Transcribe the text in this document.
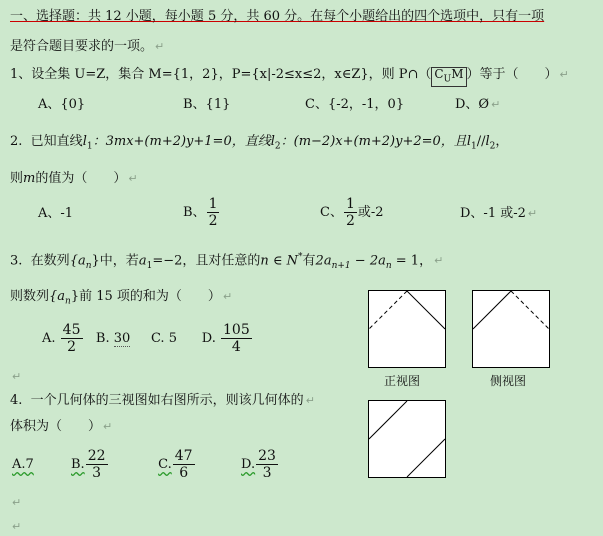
一、选择题：共 12 小题，每小题 5 分，共 60 分。在每个小题给出的四个选项中，只有一项
是符合题目要求的一项。 ↵
1、设全集 U=Z，集合 M={1，2}，P={x|-2≤x≤2，x∈Z}，则 P∩（ $C_UM$ ）等于（　　） ↵
A、{0}	B、{1}	C、{-2，-1，0}	D、Ø ↵
2. 已知直线$l_1$：3mx+(m+2)y+1=0，直线$l_2$：(m−2)x+(m+2)y+2=0，且$l_1//l_2$，
则m的值为（　　） ↵
A、-1	B、 $\frac{1}{2}$	C、 $\frac{1}{2}$ 或-2	D、-1 或-2 ↵
3. 在数列$\{a_n\}$中，若$a_1=-2$，且对任意的n ∈ N*有$2a_{n+1} - 2a_n = 1$， ↵
则数列$\{a_n\}$前 15 项的和为（　　） ↵
A. $\frac{45}{2} B$. 30 C. 5 D. $\frac{105}{4}$
↵
4. 一个几何体的三视图如右图所示，则该几何体的 ↵
体积为（　　） ↵
A.7	B. $\frac{22}{3}$	C. $\frac{47}{6}$	D. $\frac{23}{3}$
↵
↵
正视图	侧视图
